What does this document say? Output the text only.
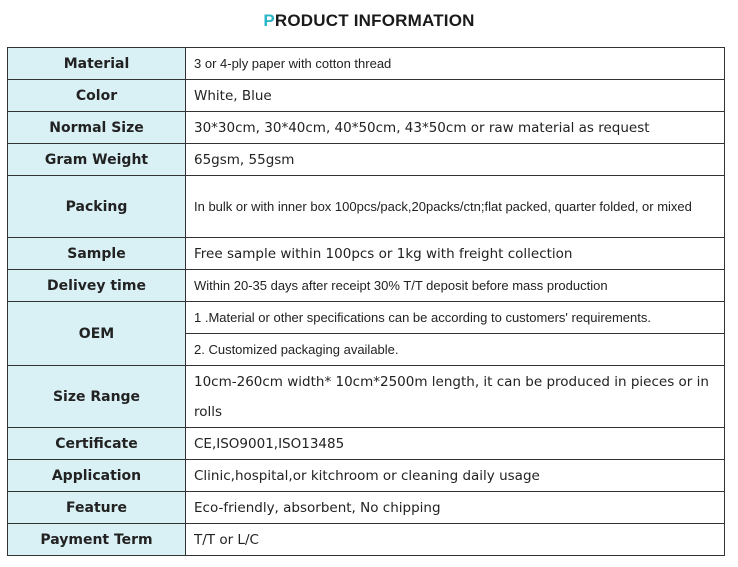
PRODUCT INFORMATION
Material	3 or 4-ply paper with cotton thread
Color	White, Blue
Normal Size	30*30cm, 30*40cm, 40*50cm, 43*50cm or raw material as request
Gram Weight	65gsm, 55gsm
Packing	In bulk or with inner box 100pcs/pack,20packs/ctn;flat packed, quarter folded, or mixed
Sample	Free sample within 100pcs or 1kg with freight collection
Delivey time	Within 20-35 days after receipt 30% T/T deposit before mass production
OEM	1 .Material or other specifications can be according to customers' requirements.
	2. Customized packaging available.
Size Range	10cm-260cm width* 10cm*2500m length, it can be produced in pieces or in rolls
Certificate	CE,ISO9001,ISO13485
Application	Clinic,hospital,or kitchroom or cleaning daily usage
Feature	Eco-friendly, absorbent, No chipping
Payment Term	T/T or L/C
